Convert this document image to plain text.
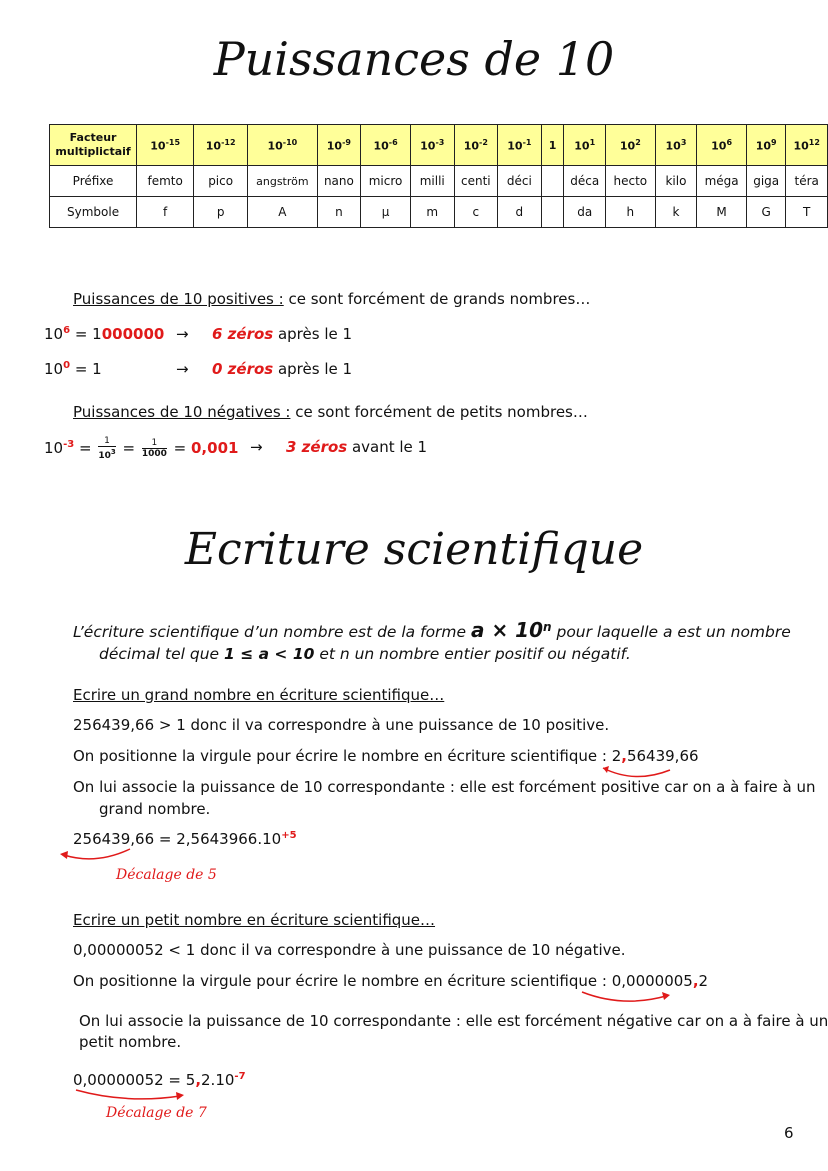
Puissances de 10
Facteur multiplictaif	$10^{-15}$	$10^{-12}$	$10^{-10}$	$10^{-9}$	$10^{-6}$	$10^{-3}$	$10^{-2}$	$10^{-1}$	1	$10^1$	$10^2$	$10^3$	$10^6$	$10^9$	$10^{12}$
Préfixe	femto	pico	angström	nano	micro	milli	centi	déci		déca	hecto	kilo	méga	giga	téra
Symbole	f	p	A	n	µ	m	c	d		da	h	k	M	G	T
Puissances de 10 positives : ce sont forcément de grands nombres…
$10^6 = 1000000 \to 6$ zéros après le 1
$10^0 = 1$	→ 0 zéros après le 1
Puissances de 10 négatives : ce sont forcément de petits nombres…
$10^{-3} = \frac{1}{10^3} = \frac{1}{1000} = 0,001 \to 3$ zéros avant le 1
Ecriture scientifique
L’écriture scientifique d’un nombre est de la forme $a \times 10^n$ pour laquelle a est un nombre
décimal tel que 1 ≤ a < 10 et n un nombre entier positif ou négatif.
Ecrire un grand nombre en écriture scientifique…
256439,66 > 1 donc il va correspondre à une puissance de 10 positive.
On positionne la virgule pour écrire le nombre en écriture scientifique : 2,56439,66
On lui associe la puissance de 10 correspondante : elle est forcément positive car on a à faire à un
grand nombre.
$256439,66 = 2,5643966.10^{+5}$
Décalage de 5
Ecrire un petit nombre en écriture scientifique…
0,00000052 < 1 donc il va correspondre à une puissance de 10 négative.
On positionne la virgule pour écrire le nombre en écriture scientifique : 0,0000005,2
On lui associe la puissance de 10 correspondante : elle est forcément négative car on a à faire à un
petit nombre.
$0,00000052 = 5,2.10^{-7}$
Décalage de 7
6
